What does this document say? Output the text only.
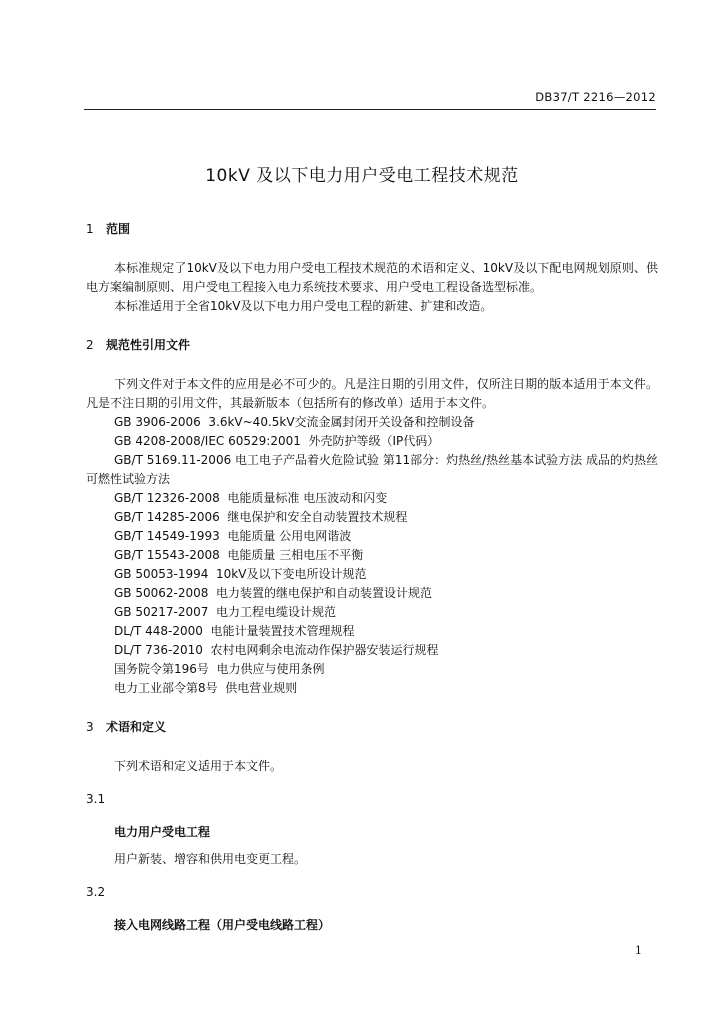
DB37/T 2216—2012
10kV 及以下电力用户受电工程技术规范
1 范围
本标准规定了10kV及以下电力用户受电工程技术规范的术语和定义、10kV及以下配电网规划原则、供电方案编制原则、用户受电工程接入电力系统技术要求、用户受电工程设备选型标准。
本标准适用于全省10kV及以下电力用户受电工程的新建、扩建和改造。
2 规范性引用文件
下列文件对于本文件的应用是必不可少的。凡是注日期的引用文件，仅所注日期的版本适用于本文件。凡是不注日期的引用文件，其最新版本（包括所有的修改单）适用于本文件。
GB 3906-2006  3.6kV~40.5kV交流金属封闭开关设备和控制设备
GB 4208-2008/IEC 60529:2001  外壳防护等级（IP代码）
GB/T 5169.11-2006 电工电子产品着火危险试验 第11部分：灼热丝/热丝基本试验方法 成品的灼热丝可燃性试验方法
GB/T 12326-2008  电能质量标准 电压波动和闪变
GB/T 14285-2006  继电保护和安全自动装置技术规程
GB/T 14549-1993  电能质量 公用电网谐波
GB/T 15543-2008  电能质量 三相电压不平衡
GB 50053-1994  10kV及以下变电所设计规范
GB 50062-2008  电力装置的继电保护和自动装置设计规范
GB 50217-2007  电力工程电缆设计规范
DL/T 448-2000  电能计量装置技术管理规程
DL/T 736-2010  农村电网剩余电流动作保护器安装运行规程
国务院令第196号  电力供应与使用条例
电力工业部令第8号  供电营业规则
3 术语和定义
下列术语和定义适用于本文件。
3.1
电力用户受电工程
用户新装、增容和供用电变更工程。
3.2
接入电网线路工程（用户受电线路工程）
1
